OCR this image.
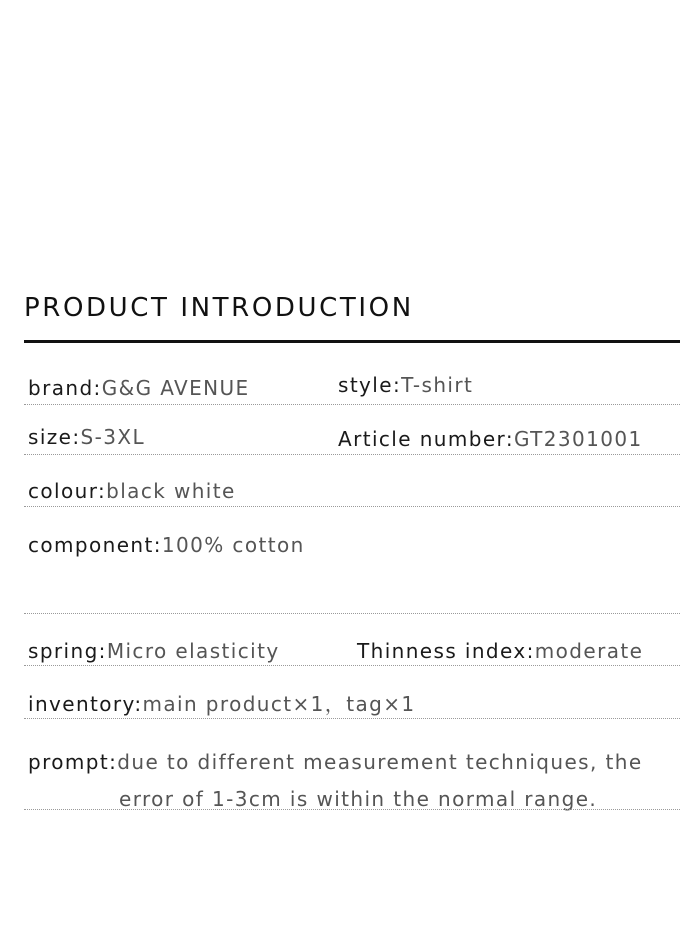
PRODUCT INTRODUCTION
brand:G&G AVENUE	style:T-shirt
size:S-3XL	Article number:GT2301001
colour:black white
component:100% cotton
spring:Micro elasticity	Thinness index:moderate
inventory:main product×1，tag×1
prompt:due to different measurement techniques, the
error of 1-3cm is within the normal range.
